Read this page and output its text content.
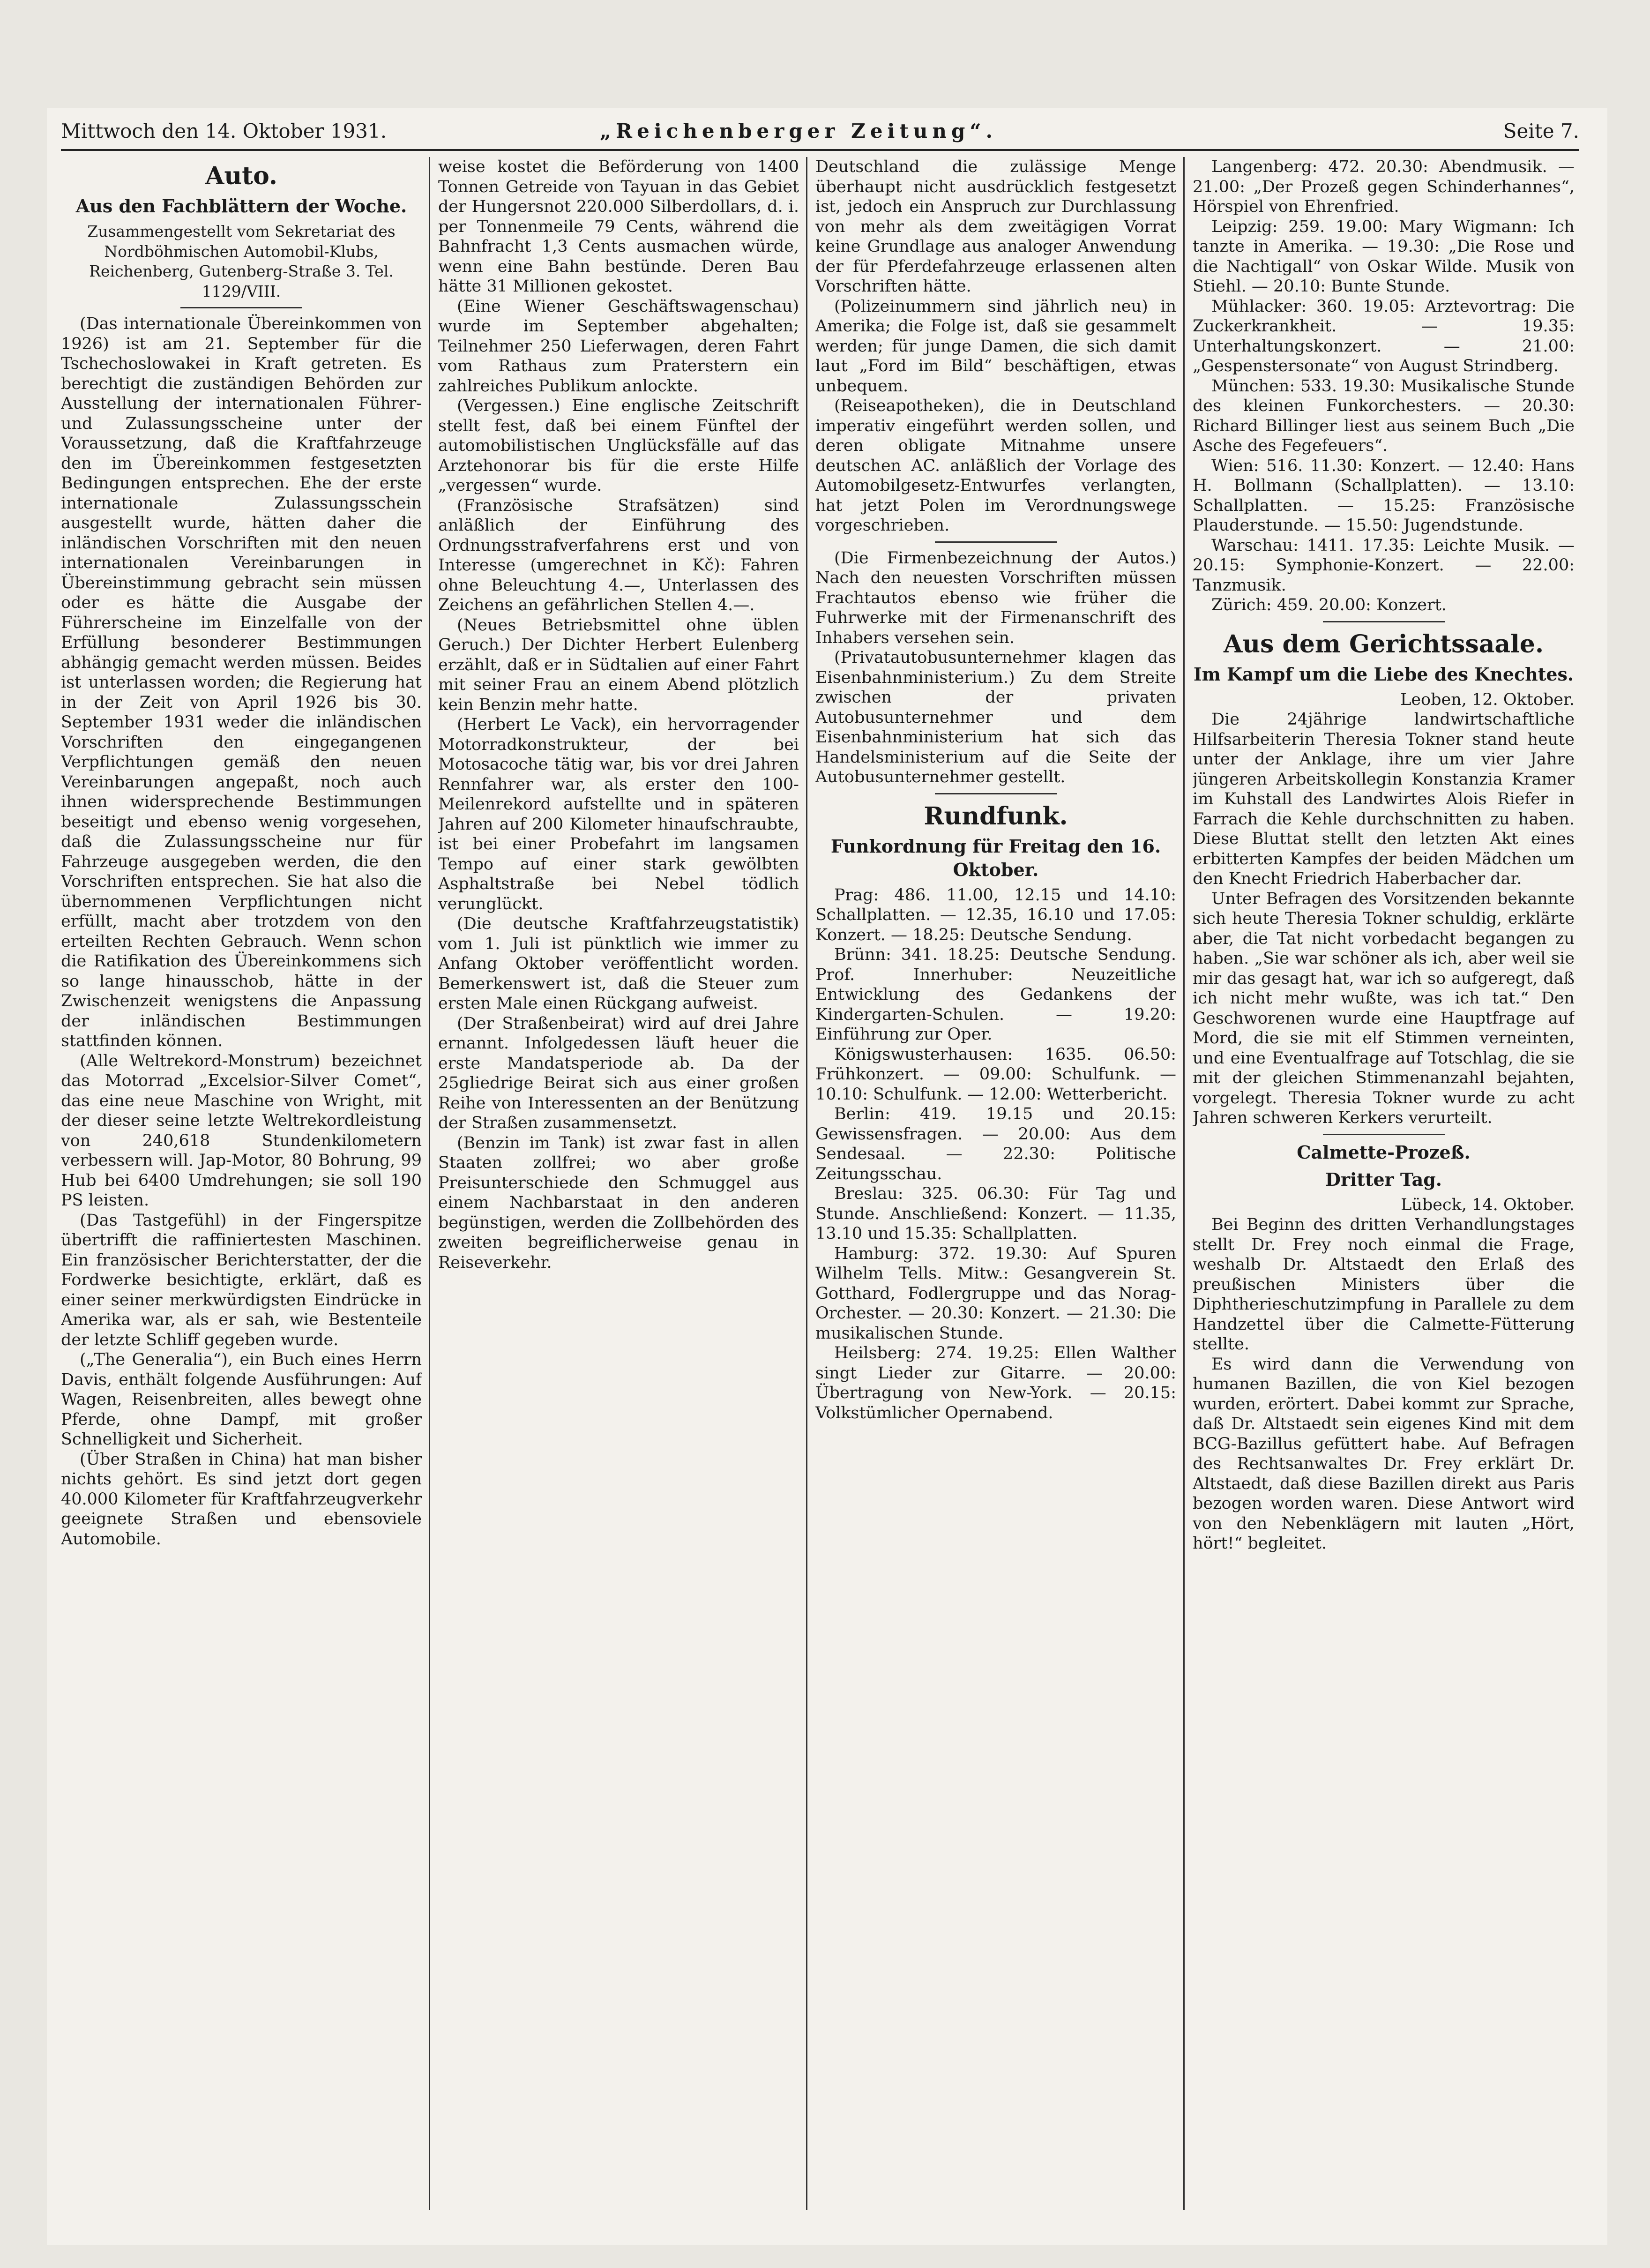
Mittwoch den 14. Oktober 1931.	„Reichenberger Zeitung“.	Seite 7.
Auto.
Aus den Fachblättern der Woche.

Zusammengestellt vom Sekretariat des Nordböhmischen Automobil-Klubs, Reichenberg, Gutenberg-Straße 3. Tel. 1129/VIII.

(Das internationale Übereinkommen von 1926) ist am 21. September für die Tschechoslowakei in Kraft getreten. Es berechtigt die zuständigen Behörden zur Ausstellung der internationalen Führer- und Zulassungsscheine unter der Voraussetzung, daß die Kraftfahrzeuge den im Übereinkommen festgesetzten Bedingungen entsprechen. Ehe der erste internationale Zulassungsschein ausgestellt wurde, hätten daher die inländischen Vorschriften mit den neuen internationalen Vereinbarungen in Übereinstimmung gebracht sein müssen oder es hätte die Ausgabe der Führerscheine im Einzelfalle von der Erfüllung besonderer Bestimmungen abhängig gemacht werden müssen. Beides ist unterlassen worden; die Regierung hat in der Zeit von April 1926 bis 30. September 1931 weder die inländischen Vorschriften den eingegangenen Verpflichtungen gemäß den neuen Vereinbarungen angepaßt, noch auch ihnen widersprechende Bestimmungen beseitigt und ebenso wenig vorgesehen, daß die Zulassungsscheine nur für Fahrzeuge ausgegeben werden, die den Vorschriften entsprechen. Sie hat also die übernommenen Verpflichtungen nicht erfüllt, macht aber trotzdem von den erteilten Rechten Gebrauch. Wenn schon die Ratifikation des Übereinkommens sich so lange hinausschob, hätte in der Zwischenzeit wenigstens die Anpassung der inländischen Bestimmungen stattfinden können.

(Alle Weltrekord-Monstrum) bezeichnet das Motorrad „Excelsior-Silver Comet“, das eine neue Maschine von Wright, mit der dieser seine letzte Weltrekordleistung von 240,618 Stundenkilometern verbessern will. Jap-Motor, 80 Bohrung, 99 Hub bei 6400 Umdrehungen; sie soll 190 PS leisten.

(Das Tastgefühl) in der Fingerspitze übertrifft die raffiniertesten Maschinen. Ein französischer Berichterstatter, der die Fordwerke besichtigte, erklärt, daß es einer seiner merkwürdigsten Eindrücke in Amerika war, als er sah, wie Bestenteile der letzte Schliff gegeben wurde.

(„The Generalia“), ein Buch eines Herrn Davis, enthält folgende Ausführungen: Auf Wagen, Reisenbreiten, alles bewegt ohne Pferde, ohne Dampf, mit großer Schnelligkeit und Sicherheit.

(Über Straßen in China) hat man bisher nichts gehört. Es sind jetzt dort gegen 40.000 Kilometer für Kraftfahrzeugverkehr geeignete Straßen und ebensoviele Automobile.

weise kostet die Beförderung von 1400 Tonnen Getreide von Tayuan in das Gebiet der Hungersnot 220.000 Silberdollars, d. i. per Tonnenmeile 79 Cents, während die Bahnfracht 1,3 Cents ausmachen würde, wenn eine Bahn bestünde. Deren Bau hätte 31 Millionen gekostet.

(Eine Wiener Geschäftswagenschau) wurde im September abgehalten; Teilnehmer 250 Lieferwagen, deren Fahrt vom Rathaus zum Praterstern ein zahlreiches Publikum anlockte.

(Vergessen.) Eine englische Zeitschrift stellt fest, daß bei einem Fünftel der automobilistischen Unglücksfälle auf das Arztehonorar bis für die erste Hilfe „vergessen“ wurde.

(Französische Strafsätzen) sind anläßlich der Einführung des Ordnungsstrafverfahrens erst und von Interesse (umgerechnet in Kč): Fahren ohne Beleuchtung 4.—, Unterlassen des Zeichens an gefährlichen Stellen 4.—.

(Neues Betriebsmittel ohne üblen Geruch.) Der Dichter Herbert Eulenberg erzählt, daß er in Südtalien auf einer Fahrt mit seiner Frau an einem Abend plötzlich kein Benzin mehr hatte.

(Herbert Le Vack), ein hervorragender Motorradkonstrukteur, der bei Motosacoche tätig war, bis vor drei Jahren Rennfahrer war, als erster den 100-Meilenrekord aufstellte und in späteren Jahren auf 200 Kilometer hinaufschraubte, ist bei einer Probefahrt im langsamen Tempo auf einer stark gewölbten Asphaltstraße bei Nebel tödlich verunglückt.

(Die deutsche Kraftfahrzeugstatistik) vom 1. Juli ist pünktlich wie immer zu Anfang Oktober veröffentlicht worden. Bemerkenswert ist, daß die Steuer zum ersten Male einen Rückgang aufweist.

(Der Straßenbeirat) wird auf drei Jahre ernannt. Infolgedessen läuft heuer die erste Mandatsperiode ab. Da der 25gliedrige Beirat sich aus einer großen Reihe von Interessenten an der Benützung der Straßen zusammensetzt.

(Benzin im Tank) ist zwar fast in allen Staaten zollfrei; wo aber große Preisunterschiede den Schmuggel aus einem Nachbarstaat in den anderen begünstigen, werden die Zollbehörden des zweiten begreiflicherweise genau in Reiseverkehr.

Deutschland die zulässige Menge überhaupt nicht ausdrücklich festgesetzt ist, jedoch ein Anspruch zur Durchlassung von mehr als dem zweitägigen Vorrat keine Grundlage aus analoger Anwendung der für Pferdefahrzeuge erlassenen alten Vorschriften hätte.

(Polizeinummern sind jährlich neu) in Amerika; die Folge ist, daß sie gesammelt werden; für junge Damen, die sich damit laut „Ford im Bild“ beschäftigen, etwas unbequem.

(Reiseapotheken), die in Deutschland imperativ eingeführt werden sollen, und deren obligate Mitnahme unsere deutschen AC. anläßlich der Vorlage des Automobilgesetz-Entwurfes verlangten, hat jetzt Polen im Verordnungswege vorgeschrieben.

(Die Firmenbezeichnung der Autos.) Nach den neuesten Vorschriften müssen Frachtautos ebenso wie früher die Fuhrwerke mit der Firmenanschrift des Inhabers versehen sein.

(Privatautobusunternehmer klagen das Eisenbahnministerium.) Zu dem Streite zwischen der privaten Autobusunternehmer und dem Eisenbahnministerium hat sich das Handelsministerium auf die Seite der Autobusunternehmer gestellt.

Rundfunk.
Funkordnung für Freitag den 16. Oktober.

Prag: 486. 11.00, 12.15 und 14.10: Schallplatten. — 12.35, 16.10 und 17.05: Konzert. — 18.25: Deutsche Sendung.

Brünn: 341. 18.25: Deutsche Sendung. Prof. Innerhuber: Neuzeitliche Entwicklung des Gedankens der Kindergarten-Schulen. — 19.20: Einführung zur Oper.

Königswusterhausen: 1635. 06.50: Frühkonzert. — 09.00: Schulfunk. — 10.10: Schulfunk. — 12.00: Wetterbericht.

Berlin: 419. 19.15 und 20.15: Gewissensfragen. — 20.00: Aus dem Sendesaal. — 22.30: Politische Zeitungsschau.

Breslau: 325. 06.30: Für Tag und Stunde. Anschließend: Konzert. — 11.35, 13.10 und 15.35: Schallplatten.

Hamburg: 372. 19.30: Auf Spuren Wilhelm Tells. Mitw.: Gesangverein St. Gotthard, Fodlergruppe und das Norag-Orchester. — 20.30: Konzert. — 21.30: Die musikalischen Stunde.

Heilsberg: 274. 19.25: Ellen Walther singt Lieder zur Gitarre. — 20.00: Übertragung von New-York. — 20.15: Volkstümlicher Opernabend.

Langenberg: 472. 20.30: Abendmusik. — 21.00: „Der Prozeß gegen Schinderhannes“, Hörspiel von Ehrenfried.

Leipzig: 259. 19.00: Mary Wigmann: Ich tanzte in Amerika. — 19.30: „Die Rose und die Nachtigall“ von Oskar Wilde. Musik von Stiehl. — 20.10: Bunte Stunde.

Mühlacker: 360. 19.05: Arztevortrag: Die Zuckerkrankheit. — 19.35: Unterhaltungskonzert. — 21.00: „Gespenstersonate“ von August Strindberg.

München: 533. 19.30: Musikalische Stunde des kleinen Funkorchesters. — 20.30: Richard Billinger liest aus seinem Buch „Die Asche des Fegefeuers“.

Wien: 516. 11.30: Konzert. — 12.40: Hans H. Bollmann (Schallplatten). — 13.10: Schallplatten. — 15.25: Französische Plauderstunde. — 15.50: Jugendstunde.

Warschau: 1411. 17.35: Leichte Musik. — 20.15: Symphonie-Konzert. — 22.00: Tanzmusik.

Zürich: 459. 20.00: Konzert.

Aus dem Gerichtssaale.
Im Kampf um die Liebe des Knechtes.

Leoben, 12. Oktober.

Die 24jährige landwirtschaftliche Hilfsarbeiterin Theresia Tokner stand heute unter der Anklage, ihre um vier Jahre jüngeren Arbeitskollegin Konstanzia Kramer im Kuhstall des Landwirtes Alois Riefer in Farrach die Kehle durchschnitten zu haben. Diese Bluttat stellt den letzten Akt eines erbitterten Kampfes der beiden Mädchen um den Knecht Friedrich Haberbacher dar.

Unter Befragen des Vorsitzenden bekannte sich heute Theresia Tokner schuldig, erklärte aber, die Tat nicht vorbedacht begangen zu haben. „Sie war schöner als ich, aber weil sie mir das gesagt hat, war ich so aufgeregt, daß ich nicht mehr wußte, was ich tat.“ Den Geschworenen wurde eine Hauptfrage auf Mord, die sie mit elf Stimmen verneinten, und eine Eventualfrage auf Totschlag, die sie mit der gleichen Stimmenanzahl bejahten, vorgelegt. Theresia Tokner wurde zu acht Jahren schweren Kerkers verurteilt.

Calmette-Prozeß.
Dritter Tag.

Lübeck, 14. Oktober.

Bei Beginn des dritten Verhandlungstages stellt Dr. Frey noch einmal die Frage, weshalb Dr. Altstaedt den Erlaß des preußischen Ministers über die Diphtherieschutzimpfung in Parallele zu dem Handzettel über die Calmette-Fütterung stellte.

Es wird dann die Verwendung von humanen Bazillen, die von Kiel bezogen wurden, erörtert. Dabei kommt zur Sprache, daß Dr. Altstaedt sein eigenes Kind mit dem BCG-Bazillus gefüttert habe. Auf Befragen des Rechtsanwaltes Dr. Frey erklärt Dr. Altstaedt, daß diese Bazillen direkt aus Paris bezogen worden waren. Diese Antwort wird von den Nebenklägern mit lauten „Hört, hört!“ begleitet.
